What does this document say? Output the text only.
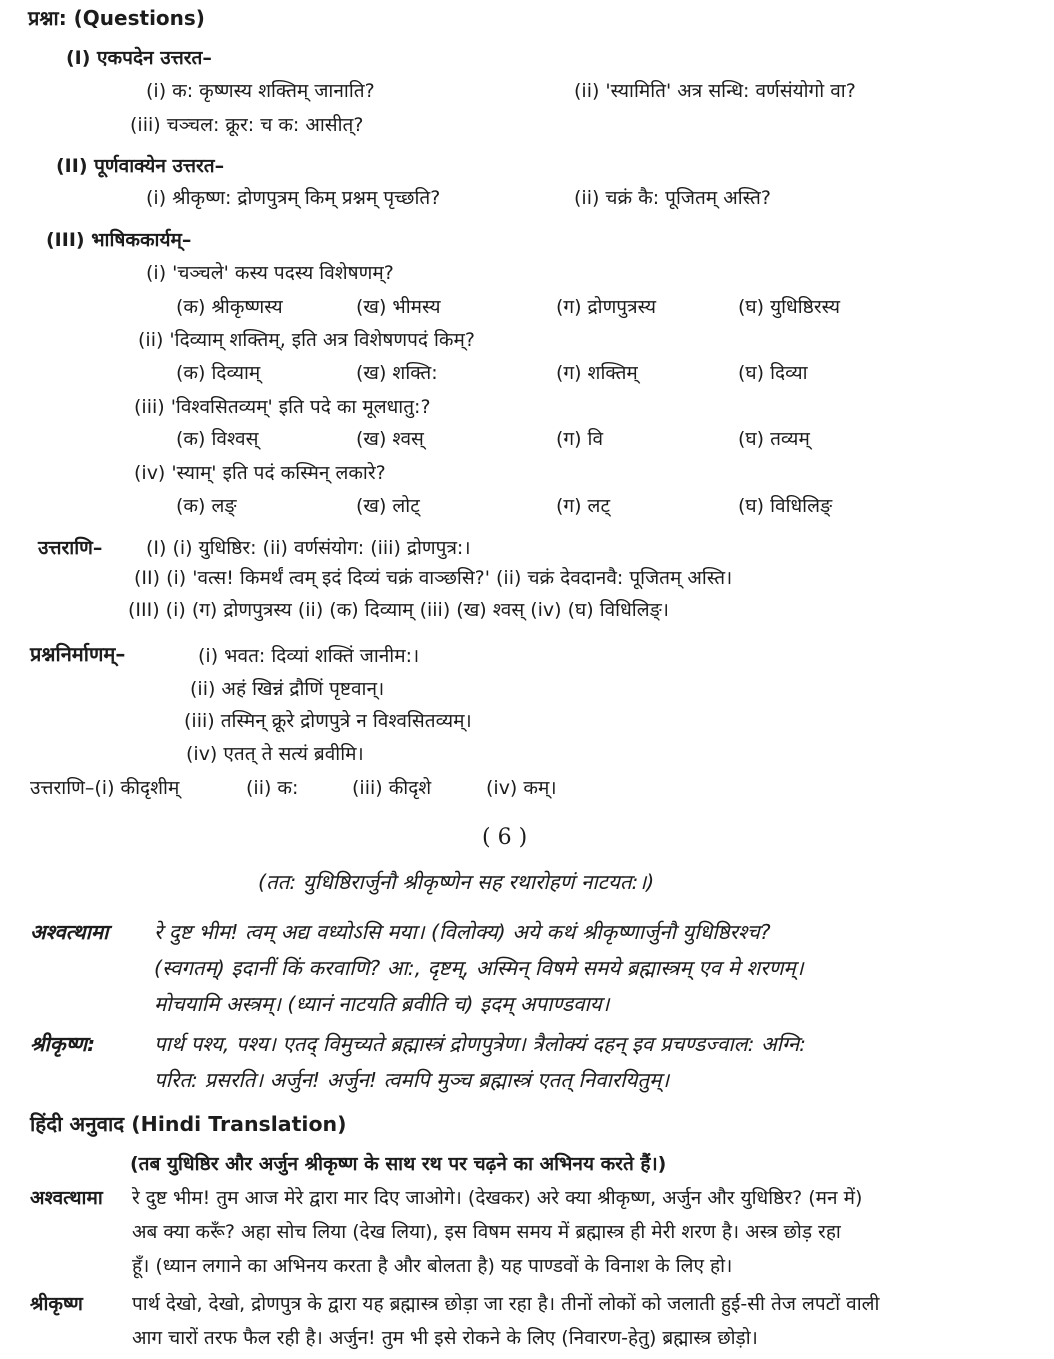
प्रश्ना: (Questions)
(I) एकपदेन उत्तरत–
(i) क: कृष्णस्य शक्तिम् जानाति?	(ii) 'स्यामिति' अत्र सन्धि: वर्णसंयोगो वा?
(iii) चञ्चल: क्रूर: च क: आसीत्?
(II) पूर्णवाक्येन उत्तरत–
(i) श्रीकृष्ण: द्रोणपुत्रम् किम् प्रश्नम् पृच्छति?	(ii) चक्रं कै: पूजितम् अस्ति?
(III) भाषिककार्यम्–
(i) 'चञ्चले' कस्य पदस्य विशेषणम्?
(क) श्रीकृष्णस्य	(ख) भीमस्य	(ग) द्रोणपुत्रस्य	(घ) युधिष्ठिरस्य
(ii) 'दिव्याम् शक्तिम्, इति अत्र विशेषणपदं किम्?
(क) दिव्याम्	(ख) शक्ति:	(ग) शक्तिम्	(घ) दिव्या
(iii) 'विश्वसितव्यम्' इति पदे का मूलधातु:?
(क) विश्वस्	(ख) श्वस्	(ग) वि	(घ) तव्यम्
(iv) 'स्याम्' इति पदं कस्मिन् लकारे?
(क) लङ्	(ख) लोट्	(ग) लट्	(घ) विधिलिङ्
उत्तराणि– (I) (i) युधिष्ठिर: (ii) वर्णसंयोग: (iii) द्रोणपुत्र:।
(II) (i) 'वत्स! किमर्थं त्वम् इदं दिव्यं चक्रं वाञ्छसि?' (ii) चक्रं देवदानवै: पूजितम् अस्ति।
(III) (i) (ग) द्रोणपुत्रस्य (ii) (क) दिव्याम् (iii) (ख) श्वस् (iv) (घ) विधिलिङ्।
प्रश्ननिर्माणम्–	(i) भवत: दिव्यां शक्तिं जानीम:।
(ii) अहं खिन्नं द्रौणिं पृष्टवान्।
(iii) तस्मिन् क्रूरे द्रोणपुत्रे न विश्वसितव्यम्।
(iv) एतत् ते सत्यं ब्रवीमि।
उत्तराणि–(i) कीदृशीम्	(ii) क:	(iii) कीदृशे	(iv) कम्।
( 6 )
(तत: युधिष्ठिरार्जुनौ श्रीकृष्णेन सह रथारोहणं नाटयत:।)
अश्वत्थामा रे दुष्ट भीम! त्वम् अद्य वध्योऽसि मया। (विलोक्य) अये कथं श्रीकृष्णार्जुनौ युधिष्ठिरश्च?
(स्वगतम्) इदानीं किं करवाणि? आ:, दृष्टम्, अस्मिन् विषमे समये ब्रह्मास्त्रम् एव मे शरणम्।
मोचयामि अस्त्रम्। (ध्यानं नाटयति ब्रवीति च) इदम् अपाण्डवाय।
श्रीकृष्ण:	पार्थ पश्य, पश्य। एतद् विमुच्यते ब्रह्मास्त्रं द्रोणपुत्रेण। त्रैलोक्यं दहन् इव प्रचण्डज्वाल: अग्नि:
परित: प्रसरति। अर्जुन! अर्जुन! त्वमपि मुञ्च ब्रह्मास्त्रं एतत् निवारयितुम्।
हिंदी अनुवाद (Hindi Translation)
(तब युधिष्ठिर और अर्जुन श्रीकृष्ण के साथ रथ पर चढ़ने का अभिनय करते हैं।)
अश्वत्थामा रे दुष्ट भीम! तुम आज मेरे द्वारा मार दिए जाओगे। (देखकर) अरे क्या श्रीकृष्ण, अर्जुन और युधिष्ठिर? (मन में)
अब क्या करूँ? अहा सोच लिया (देख लिया), इस विषम समय में ब्रह्मास्त्र ही मेरी शरण है। अस्त्र छोड़ रहा
हूँ। (ध्यान लगाने का अभिनय करता है और बोलता है) यह पाण्डवों के विनाश के लिए हो।
श्रीकृष्ण	पार्थ देखो, देखो, द्रोणपुत्र के द्वारा यह ब्रह्मास्त्र छोड़ा जा रहा है। तीनों लोकों को जलाती हुई-सी तेज लपटों वाली
आग चारों तरफ फैल रही है। अर्जुन! तुम भी इसे रोकने के लिए (निवारण-हेतु) ब्रह्मास्त्र छोड़ो।
